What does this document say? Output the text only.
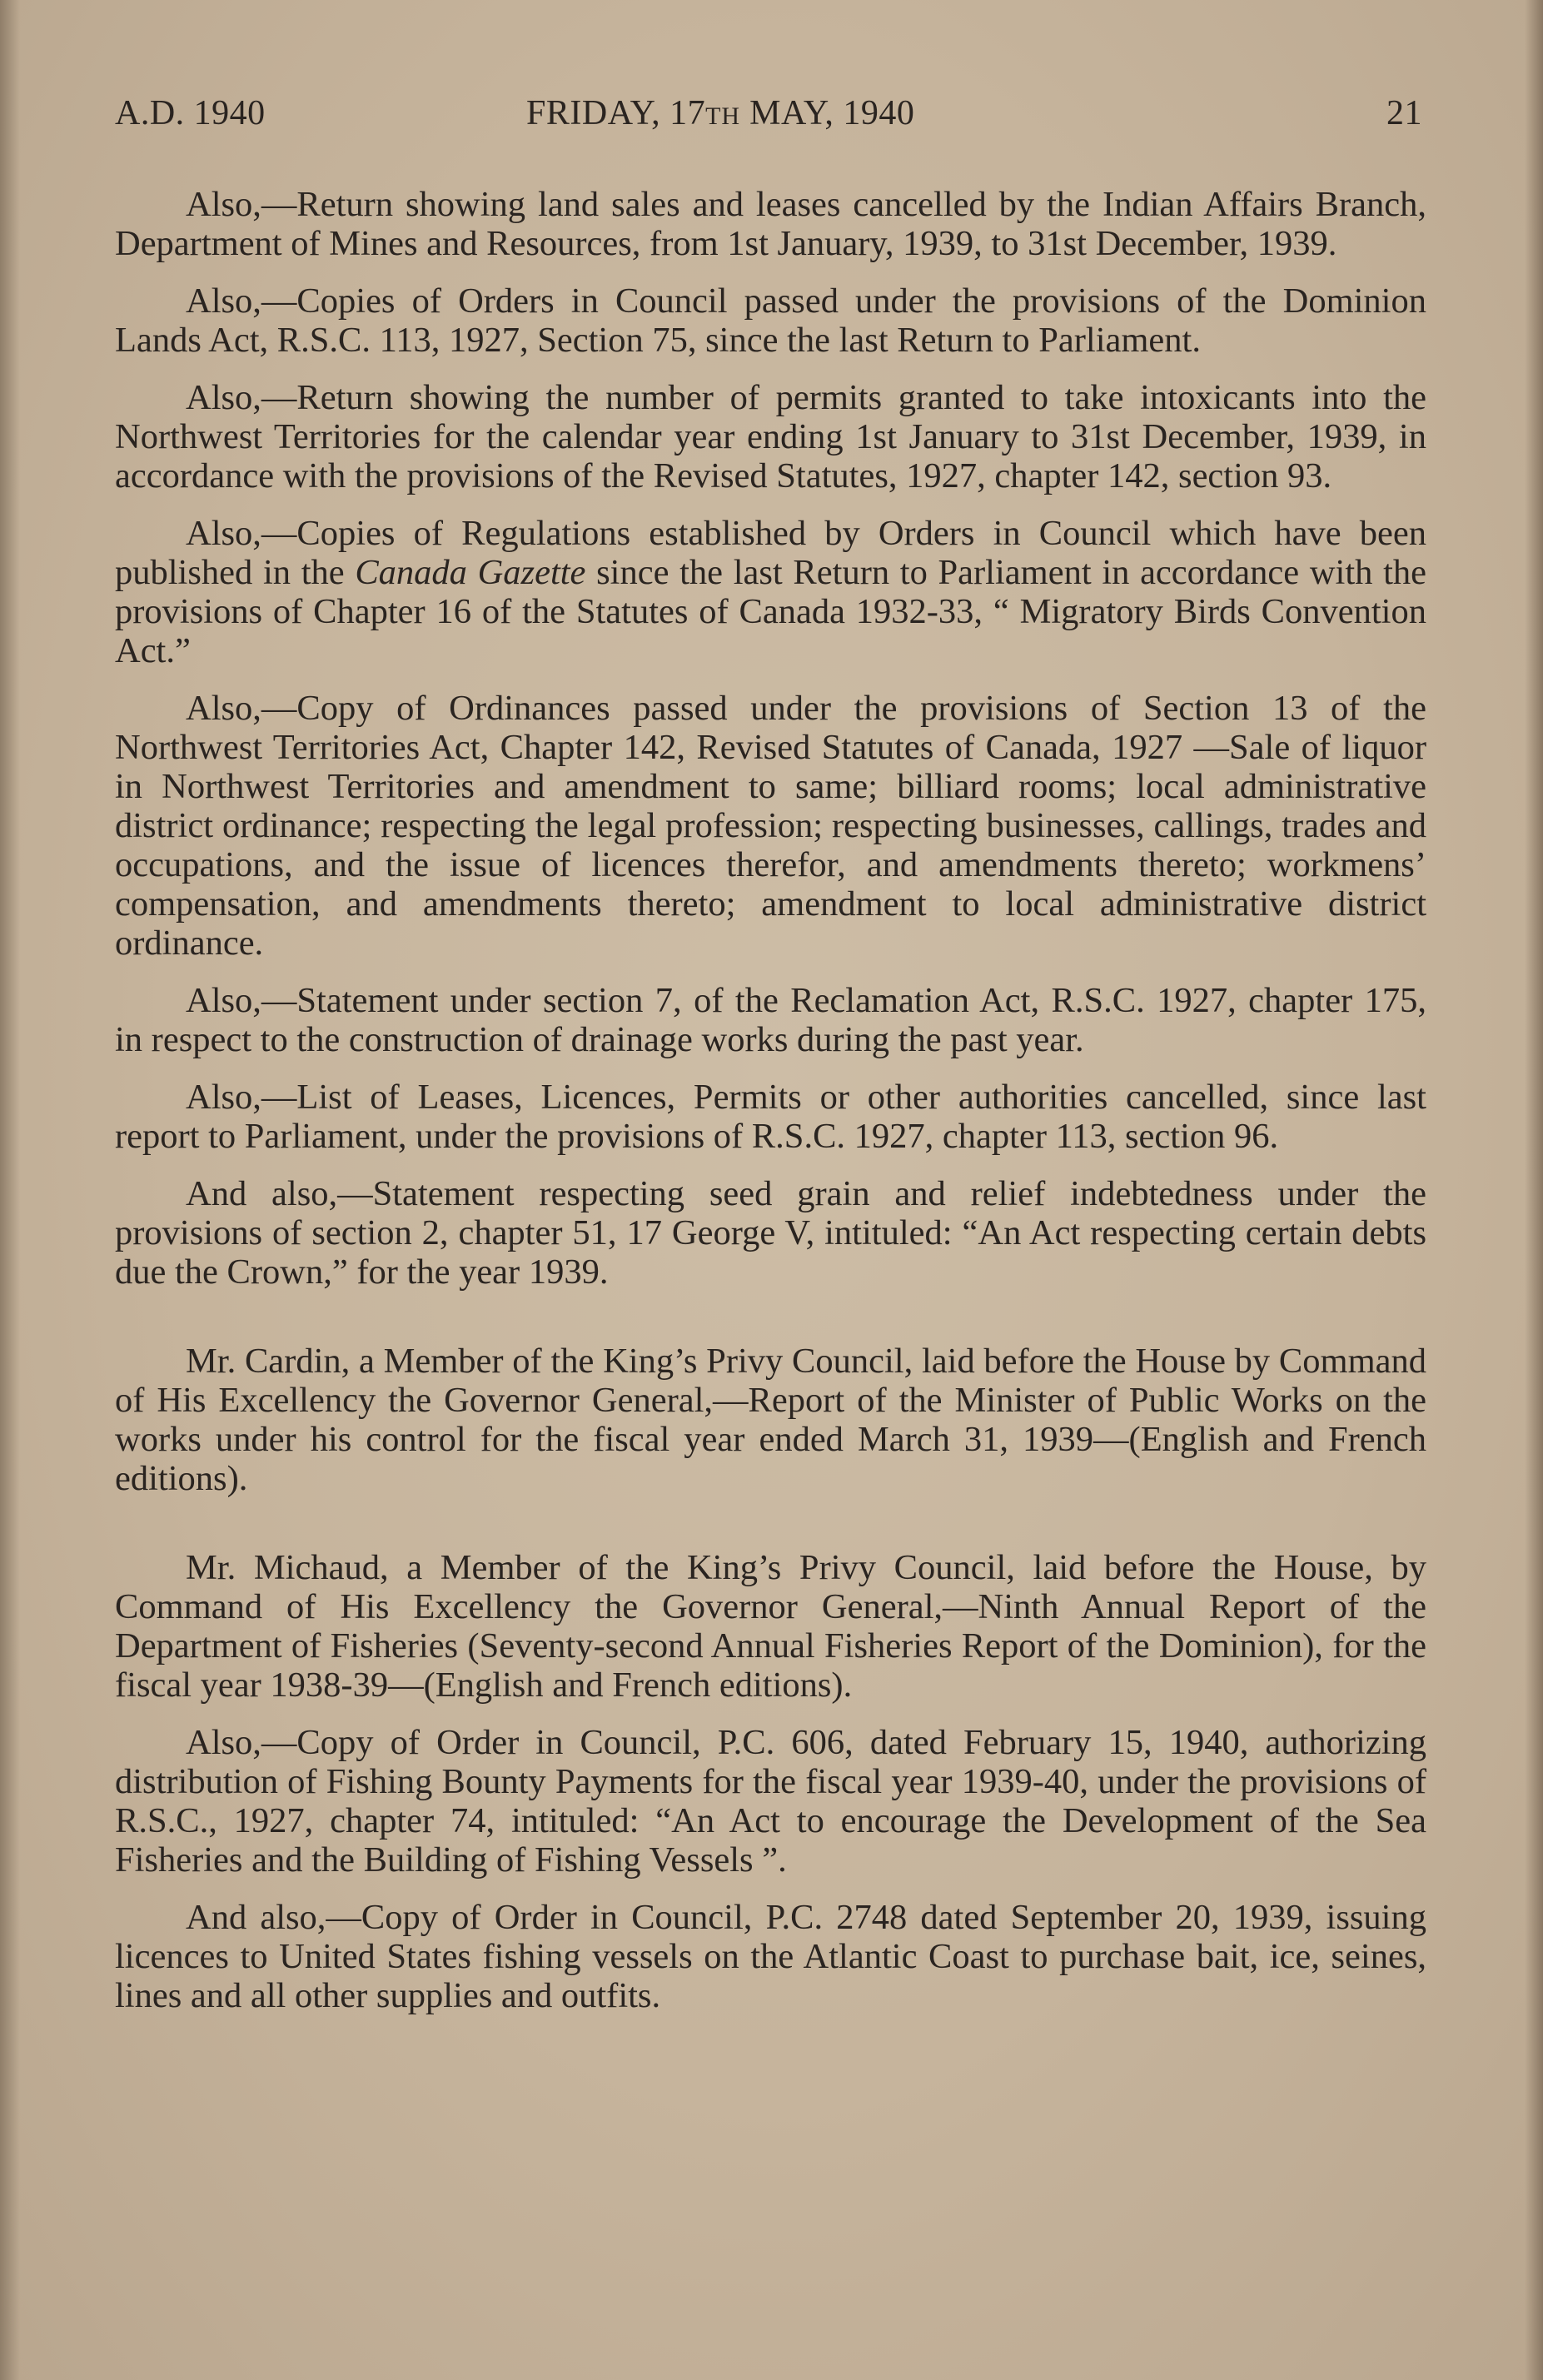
A.D. 1940	FRIDAY, 17TH MAY, 1940	21

Also,—Return showing land sales and leases cancelled by the Indian Affairs Branch, Department of Mines and Resources, from 1st January, 1939, to 31st December, 1939.

Also,—Copies of Orders in Council passed under the provisions of the Dominion Lands Act, R.S.C. 113, 1927, Section 75, since the last Return to Parliament.

Also,—Return showing the number of permits granted to take intoxicants into the Northwest Territories for the calendar year ending 1st January to 31st December, 1939, in accordance with the provisions of the Revised Statutes, 1927, chapter 142, section 93.

Also,—Copies of Regulations established by Orders in Council which have been published in the Canada Gazette since the last Return to Parliament in accordance with the provisions of Chapter 16 of the Statutes of Canada 1932-33, “ Migratory Birds Convention Act.”

Also,—Copy of Ordinances passed under the provisions of Section 13 of the Northwest Territories Act, Chapter 142, Revised Statutes of Canada, 1927 —Sale of liquor in Northwest Territories and amendment to same; billiard rooms; local administrative district ordinance; respecting the legal profession; respecting businesses, callings, trades and occupations, and the issue of licences therefor, and amendments thereto; workmens’ compensation, and amendments thereto; amendment to local administrative district ordinance.

Also,—Statement under section 7, of the Reclamation Act, R.S.C. 1927, chapter 175, in respect to the construction of drainage works during the past year.

Also,—List of Leases, Licences, Permits or other authorities cancelled, since last report to Parliament, under the provisions of R.S.C. 1927, chapter 113, section 96.

And also,—Statement respecting seed grain and relief indebtedness under the provisions of section 2, chapter 51, 17 George V, intituled: “An Act respecting certain debts due the Crown,” for the year 1939.

Mr. Cardin, a Member of the King’s Privy Council, laid before the House by Command of His Excellency the Governor General,—Report of the Minister of Public Works on the works under his control for the fiscal year ended March 31, 1939—(English and French editions).

Mr. Michaud, a Member of the King’s Privy Council, laid before the House, by Command of His Excellency the Governor General,—Ninth Annual Report of the Department of Fisheries (Seventy-second Annual Fisheries Report of the Dominion), for the fiscal year 1938-39—(English and French editions).

Also,—Copy of Order in Council, P.C. 606, dated February 15, 1940, authorizing distribution of Fishing Bounty Payments for the fiscal year 1939-40, under the provisions of R.S.C., 1927, chapter 74, intituled: “An Act to encourage the Development of the Sea Fisheries and the Building of Fishing Vessels ”.

And also,—Copy of Order in Council, P.C. 2748 dated September 20, 1939, issuing licences to United States fishing vessels on the Atlantic Coast to purchase bait, ice, seines, lines and all other supplies and outfits.
